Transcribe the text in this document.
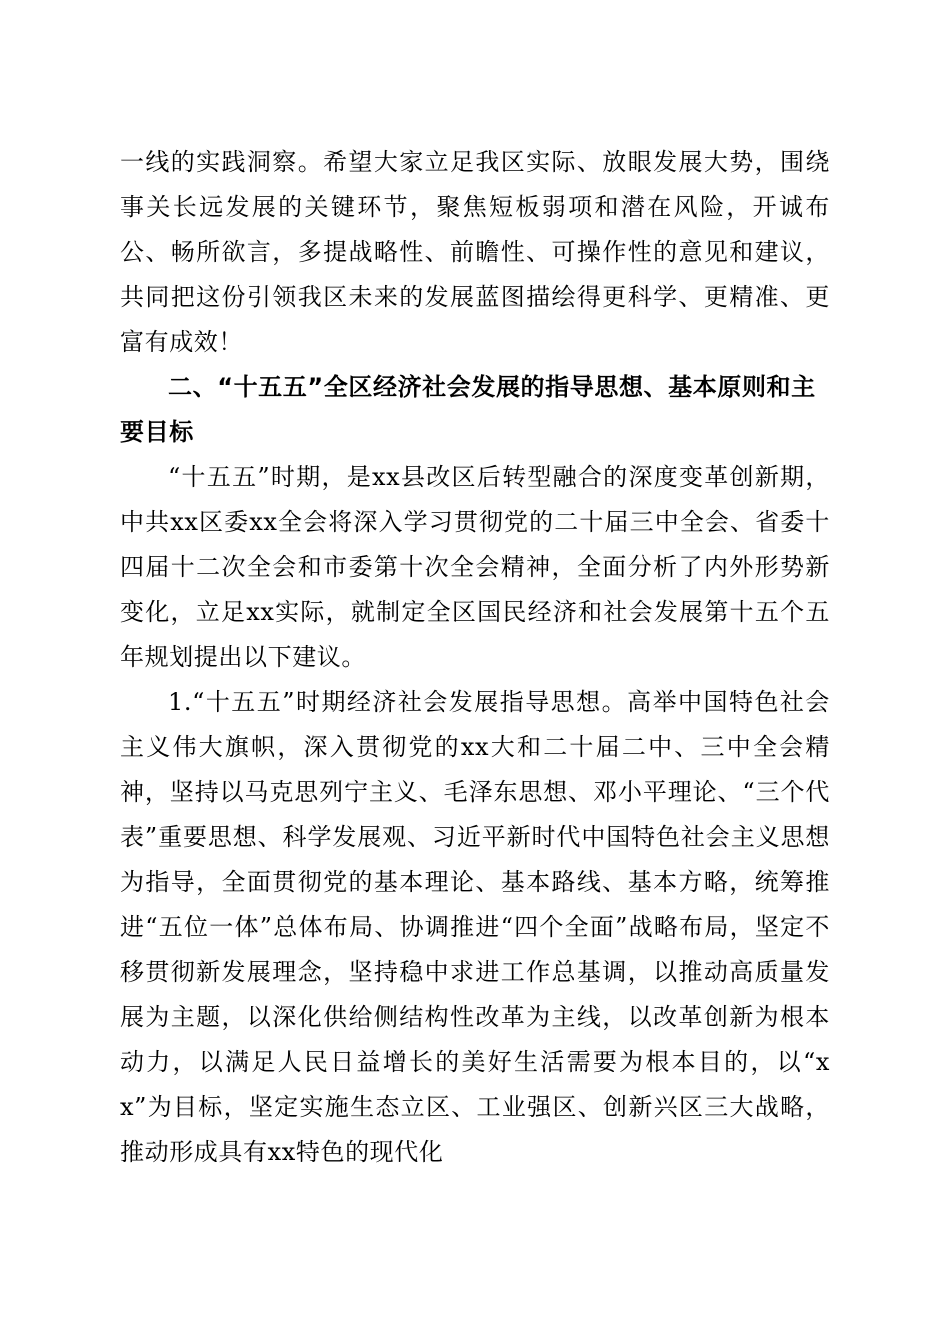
一线的实践洞察。希望大家立足我区实际、放眼发展大势，围绕事关长远发展的关键环节，聚焦短板弱项和潜在风险，开诚布公、畅所欲言，多提战略性、前瞻性、可操作性的意见和建议，共同把这份引领我区未来的发展蓝图描绘得更科学、更精准、更富有成效！

二、“十五五”全区经济社会发展的指导思想、基本原则和主要目标

“十五五”时期，是xx县改区后转型融合的深度变革创新期，中共xx区委xx全会将深入学习贯彻党的二十届三中全会、省委十四届十二次全会和市委第十次全会精神，全面分析了内外形势新变化，立足xx实际，就制定全区国民经济和社会发展第十五个五年规划提出以下建议。

1.“十五五”时期经济社会发展指导思想。高举中国特色社会主义伟大旗帜，深入贯彻党的xx大和二十届二中、三中全会精神，坚持以马克思列宁主义、毛泽东思想、邓小平理论、“三个代表”重要思想、科学发展观、习近平新时代中国特色社会主义思想为指导，全面贯彻党的基本理论、基本路线、基本方略，统筹推进“五位一体”总体布局、协调推进“四个全面”战略布局，坚定不移贯彻新发展理念，坚持稳中求进工作总基调，以推动高质量发展为主题，以深化供给侧结构性改革为主线，以改革创新为根本动力，以满足人民日益增长的美好生活需要为根本目的，以“xx”为目标，坚定实施生态立区、工业强区、创新兴区三大战略，推动形成具有xx特色的现代化
